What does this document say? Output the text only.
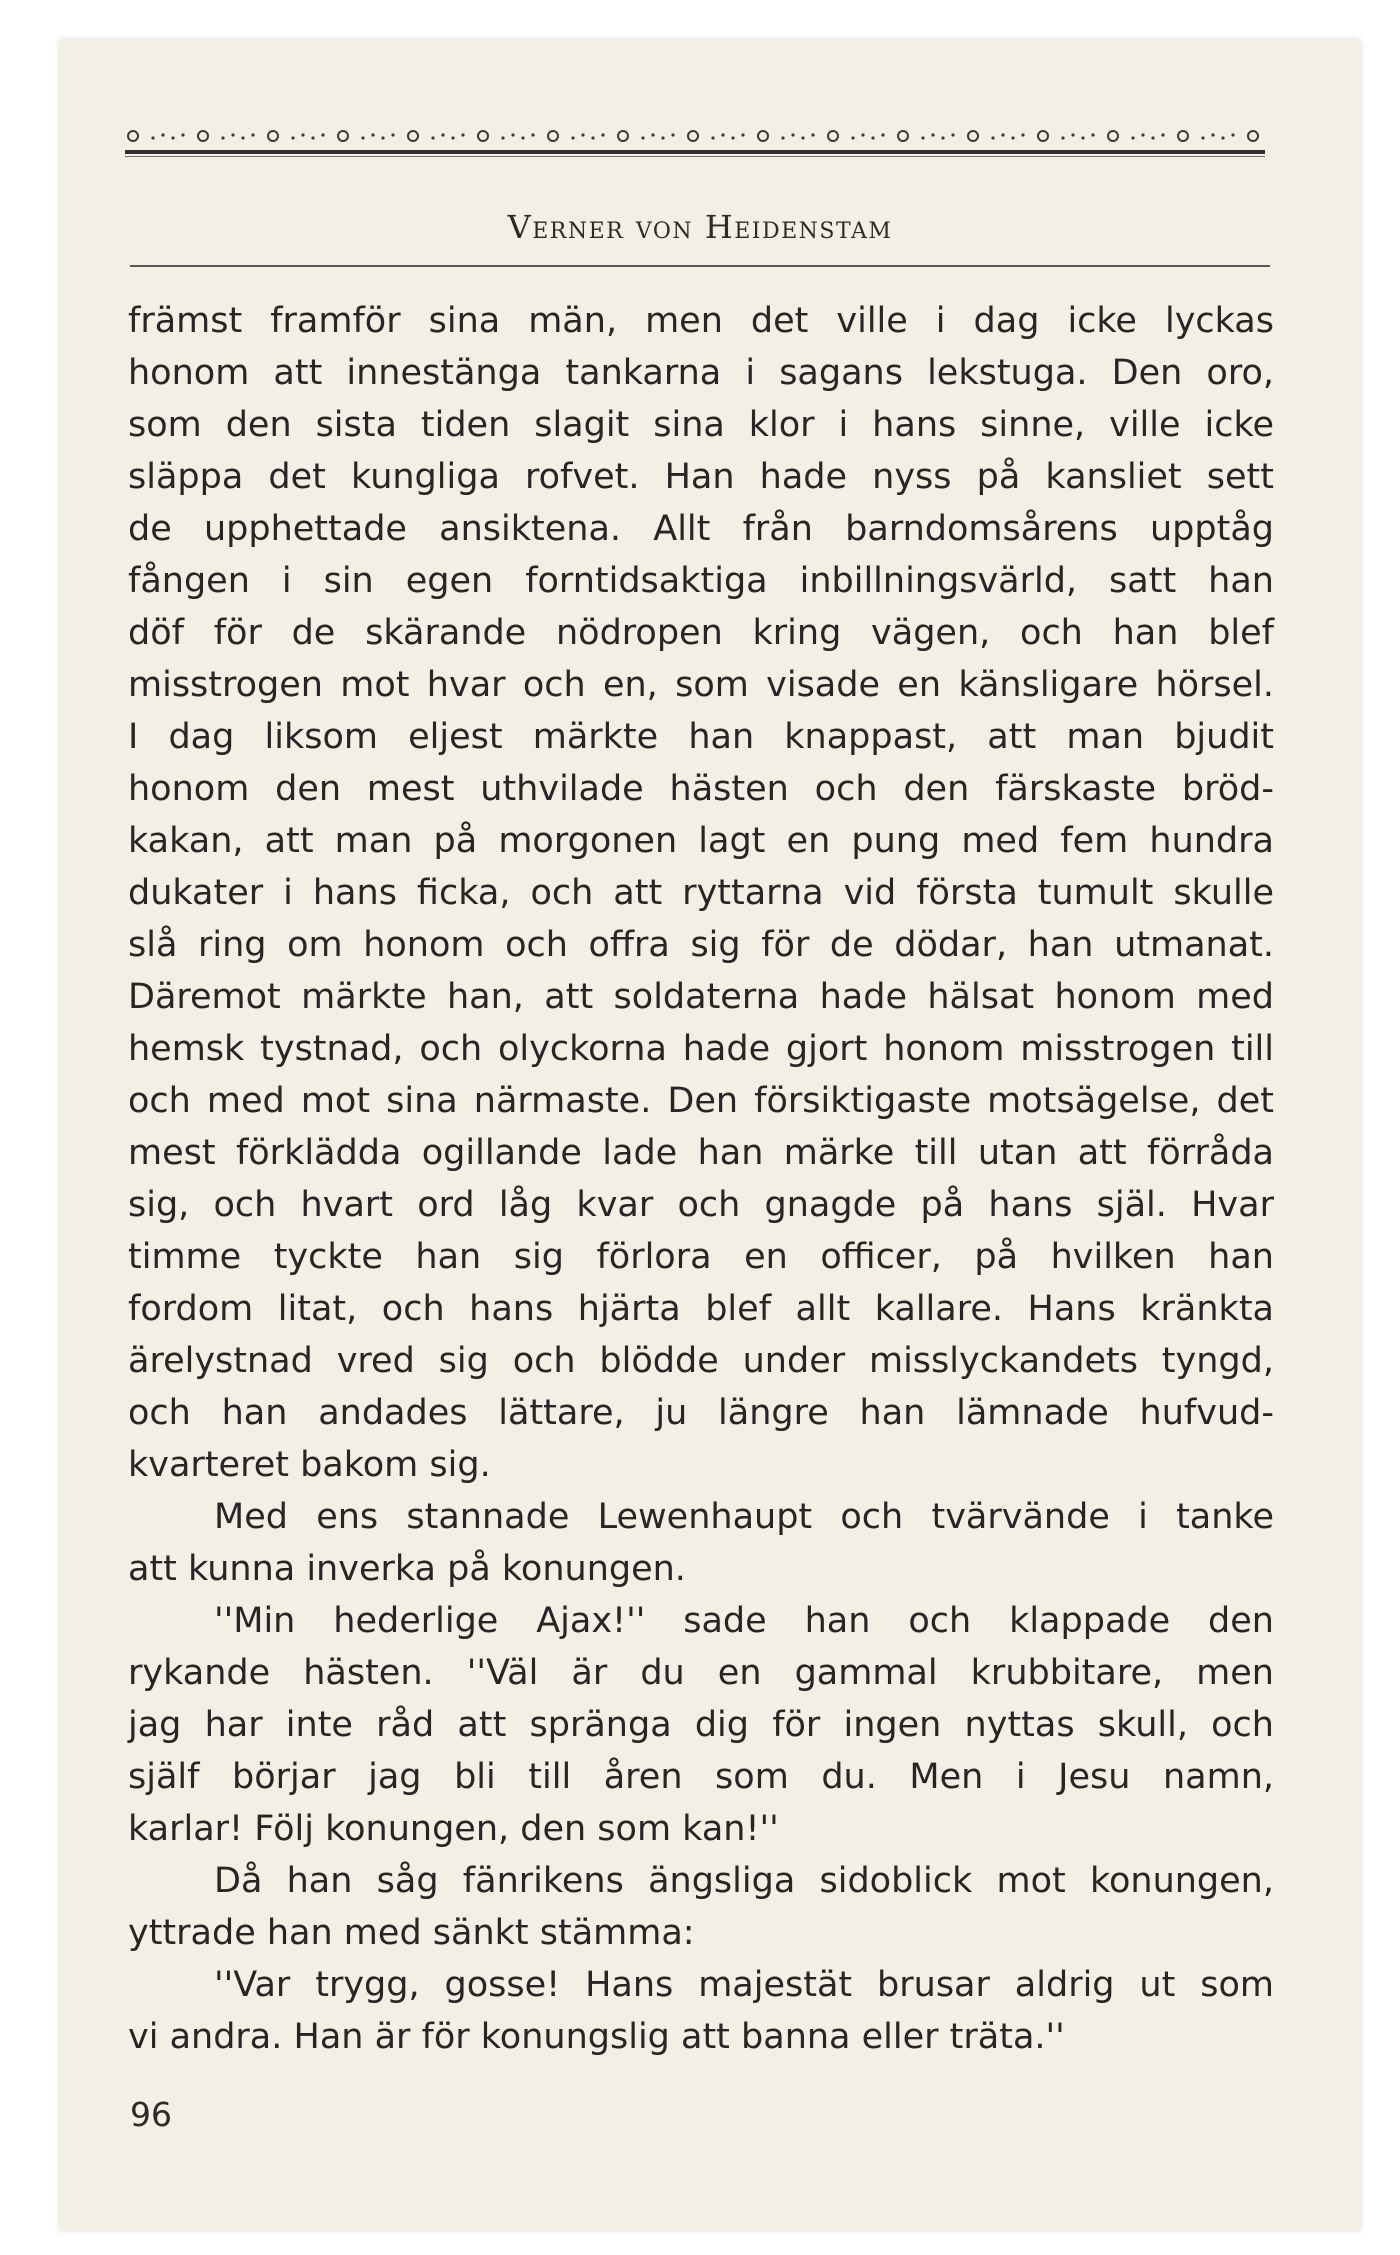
Verner von Heidenstam
främst framför sina män, men det ville i dag icke lyckas
honom att innestänga tankarna i sagans lekstuga. Den oro,
som den sista tiden slagit sina klor i hans sinne, ville icke
släppa det kungliga rofvet. Han hade nyss på kansliet sett
de upphettade ansiktena. Allt från barndomsårens upptåg
fången i sin egen forntidsaktiga inbillningsvärld, satt han
döf för de skärande nödropen kring vägen, och han blef
misstrogen mot hvar och en, som visade en känsligare hörsel.
I dag liksom eljest märkte han knappast, att man bjudit
honom den mest uthvilade hästen och den färskaste bröd-
kakan, att man på morgonen lagt en pung med fem hundra
dukater i hans ficka, och att ryttarna vid första tumult skulle
slå ring om honom och offra sig för de dödar, han utmanat.
Däremot märkte han, att soldaterna hade hälsat honom med
hemsk tystnad, och olyckorna hade gjort honom misstrogen till
och med mot sina närmaste. Den försiktigaste motsägelse, det
mest förklädda ogillande lade han märke till utan att förråda
sig, och hvart ord låg kvar och gnagde på hans själ. Hvar
timme tyckte han sig förlora en officer, på hvilken han
fordom litat, och hans hjärta blef allt kallare. Hans kränkta
ärelystnad vred sig och blödde under misslyckandets tyngd,
och han andades lättare, ju längre han lämnade hufvud-
kvarteret bakom sig.
Med ens stannade Lewenhaupt och tvärvände i tanke
att kunna inverka på konungen.
''Min hederlige Ajax!'' sade han och klappade den
rykande hästen. ''Väl är du en gammal krubbitare, men
jag har inte råd att spränga dig för ingen nyttas skull, och
själf börjar jag bli till åren som du. Men i Jesu namn,
karlar! Följ konungen, den som kan!''
Då han såg fänrikens ängsliga sidoblick mot konungen,
yttrade han med sänkt stämma:
''Var trygg, gosse! Hans majestät brusar aldrig ut som
vi andra. Han är för konungslig att banna eller träta.''
96
